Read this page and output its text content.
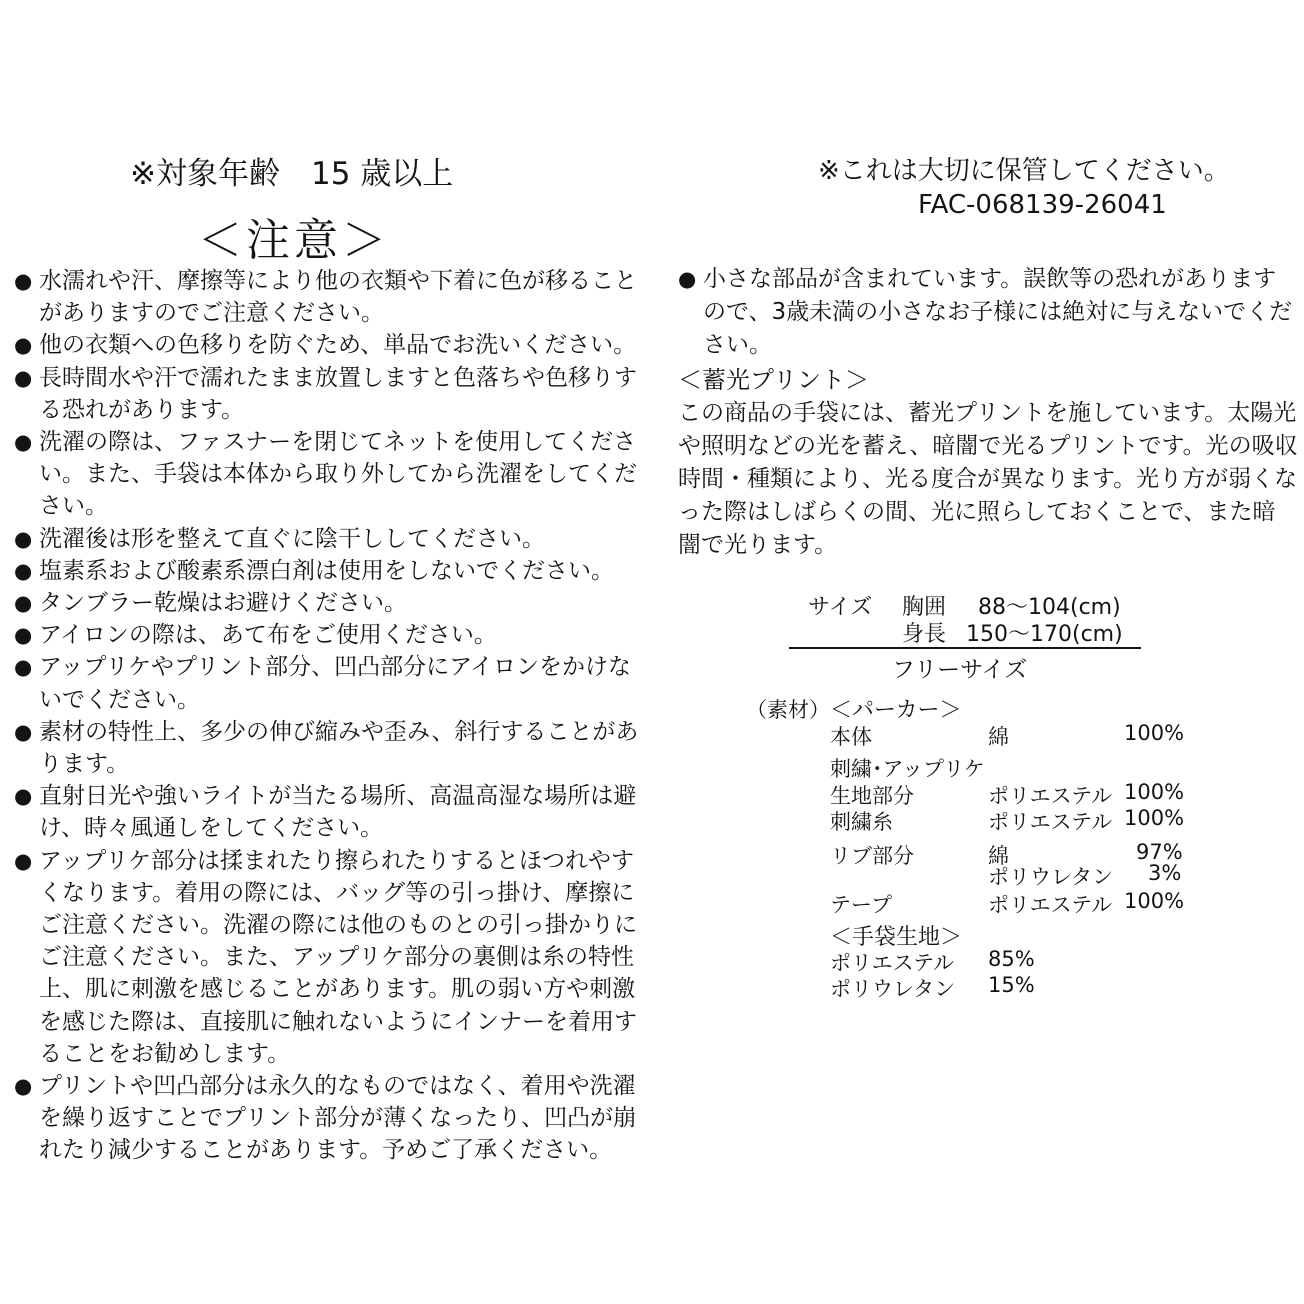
※対象年齢　15 歳以上
＜注意＞
● 水濡れや汗、摩擦等により他の衣類や下着に色が移ることがありますのでご注意ください。
● 他の衣類への色移りを防ぐため、単品でお洗いください。
● 長時間水や汗で濡れたまま放置しますと色落ちや色移りする恐れがあります。
● 洗濯の際は、ファスナーを閉じてネットを使用してください。また、手袋は本体から取り外してから洗濯をしてください。
● 洗濯後は形を整えて直ぐに陰干ししてください。
● 塩素系および酸素系漂白剤は使用をしないでください。
● タンブラー乾燥はお避けください。
● アイロンの際は、あて布をご使用ください。
● アップリケやプリント部分、凹凸部分にアイロンをかけないでください。
● 素材の特性上、多少の伸び縮みや歪み、斜行することがあります。
● 直射日光や強いライトが当たる場所、高温高湿な場所は避け、時々風通しをしてください。
● アップリケ部分は揉まれたり擦られたりするとほつれやすくなります。着用の際には、バッグ等の引っ掛け、摩擦にご注意ください。洗濯の際には他のものとの引っ掛かりにご注意ください。また、アップリケ部分の裏側は糸の特性上、肌に刺激を感じることがあります。肌の弱い方や刺激を感じた際は、直接肌に触れないようにインナーを着用することをお勧めします。
● プリントや凹凸部分は永久的なものではなく、着用や洗濯を繰り返すことでプリント部分が薄くなったり、凹凸が崩れたり減少することがあります。予めご了承ください。
※これは大切に保管してください。
FAC-068139-26041
● 小さな部品が含まれています。誤飲等の恐れがありますので、3歳未満の小さなお子様には絶対に与えないでください。
＜蓄光プリント＞
この商品の手袋には、蓄光プリントを施しています。太陽光や照明などの光を蓄え、暗闇で光るプリントです。光の吸収時間・種類により、光る度合が異なります。光り方が弱くなった際はしばらくの間、光に照らしておくことで、また暗闇で光ります。
サイズ 胸囲 88～104(cm)
身長 150～170(cm)
フリーサイズ
（素材） ＜パーカー＞
本体	綿	100%
刺繍･アップリケ
生地部分	ポリエステル 100%
刺繍糸	ポリエステル 100%
リブ部分	綿	97%
ポリウレタン 3%
テープ	ポリエステル 100%
＜手袋生地＞
ポリエステル 85%
ポリウレタン 15%
